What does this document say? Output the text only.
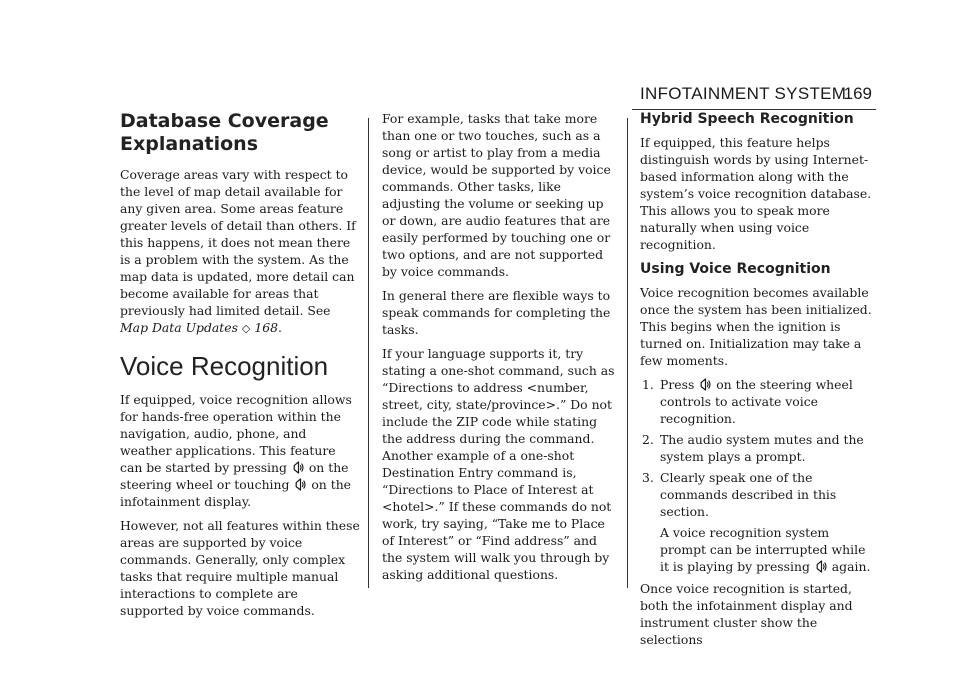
INFOTAINMENT SYSTEM
169
Database Coverage Explanations

Coverage areas vary with respect to the level of map detail available for any given area. Some areas feature greater levels of detail than others. If this happens, it does not mean there is a problem with the system. As the map data is updated, more detail can become available for areas that previously had limited detail. See Map Data Updates ◇ 168.

Voice Recognition

If equipped, voice recognition allows for hands-free operation within the navigation, audio, phone, and weather applications. This feature can be started by pressing on the steering wheel or touching on the infotainment display.

However, not all features within these areas are supported by voice commands. Generally, only complex tasks that require multiple manual interactions to complete are supported by voice commands.

For example, tasks that take more than one or two touches, such as a song or artist to play from a media device, would be supported by voice commands. Other tasks, like adjusting the volume or seeking up or down, are audio features that are easily performed by touching one or two options, and are not supported by voice commands.

In general there are flexible ways to speak commands for completing the tasks.

If your language supports it, try stating a one-shot command, such as “Directions to address <number, street, city, state/province>.” Do not include the ZIP code while stating the address during the command. Another example of a one-shot Destination Entry command is, “Directions to Place of Interest at <hotel>.” If these commands do not work, try saying, “Take me to Place of Interest” or “Find address” and the system will walk you through by asking additional questions.

Hybrid Speech Recognition

If equipped, this feature helps distinguish words by using Internet-based information along with the system’s voice recognition database. This allows you to speak more naturally when using voice recognition.

Using Voice Recognition

Voice recognition becomes available once the system has been initialized. This begins when the ignition is turned on. Initialization may take a few moments.

1. Press on the steering wheel controls to activate voice recognition.
2. The audio system mutes and the system plays a prompt.
3. Clearly speak one of the commands described in this section.
A voice recognition system prompt can be interrupted while it is playing by pressing again.

Once voice recognition is started, both the infotainment display and instrument cluster show the selections
